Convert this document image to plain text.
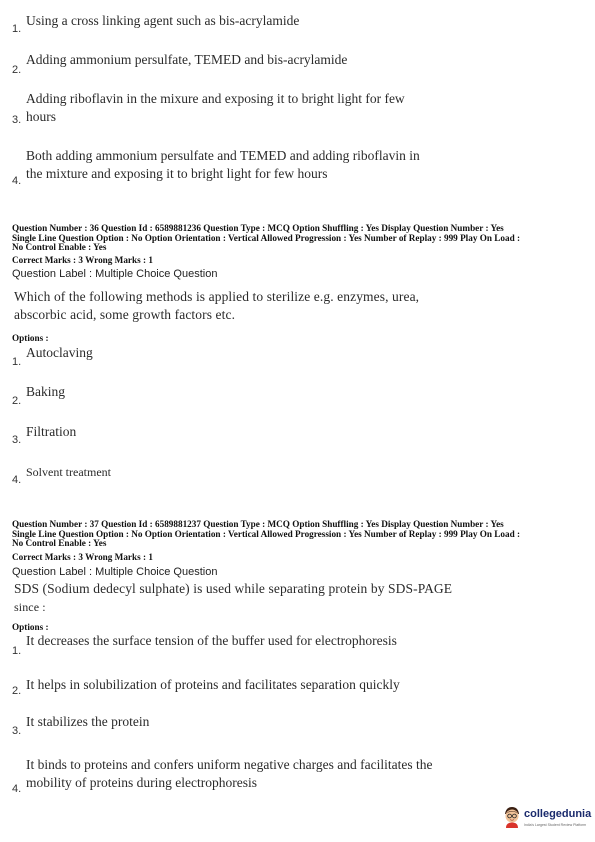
1.
Using a cross linking agent such as bis-acrylamide
2.
Adding ammonium persulfate, TEMED and bis-acrylamide
3.
Adding riboflavin in the mixure and exposing it to bright light for few
hours
4.
Both adding ammonium persulfate and TEMED and adding riboflavin in
the mixture and exposing it to bright light for few hours
Question Number : 36 Question Id : 6589881236 Question Type : MCQ Option Shuffling : Yes Display Question Number : Yes
Single Line Question Option : No Option Orientation : Vertical Allowed Progression : Yes Number of Replay : 999 Play On Load :
No Control Enable : Yes
Correct Marks : 3 Wrong Marks : 1
Question Label : Multiple Choice Question
Which of the following methods is applied to sterilize e.g. enzymes, urea,
abscorbic acid, some growth factors etc.
Options :
1.
Autoclaving
2.
Baking
3.
Filtration
4.
Solvent treatment
Question Number : 37 Question Id : 6589881237 Question Type : MCQ Option Shuffling : Yes Display Question Number : Yes
Single Line Question Option : No Option Orientation : Vertical Allowed Progression : Yes Number of Replay : 999 Play On Load :
No Control Enable : Yes
Correct Marks : 3 Wrong Marks : 1
Question Label : Multiple Choice Question
SDS (Sodium dedecyl sulphate) is used while separating protein by SDS-PAGE
since :
Options :
1.
It decreases the surface tension of the buffer used for electrophoresis
2. It helps in solubilization of proteins and facilitates separation quickly
3.
It stabilizes the protein
4.
It binds to proteins and confers uniform negative charges and facilitates the
mobility of proteins during electrophoresis
collegedunia
India's Largest Student Review Platform
